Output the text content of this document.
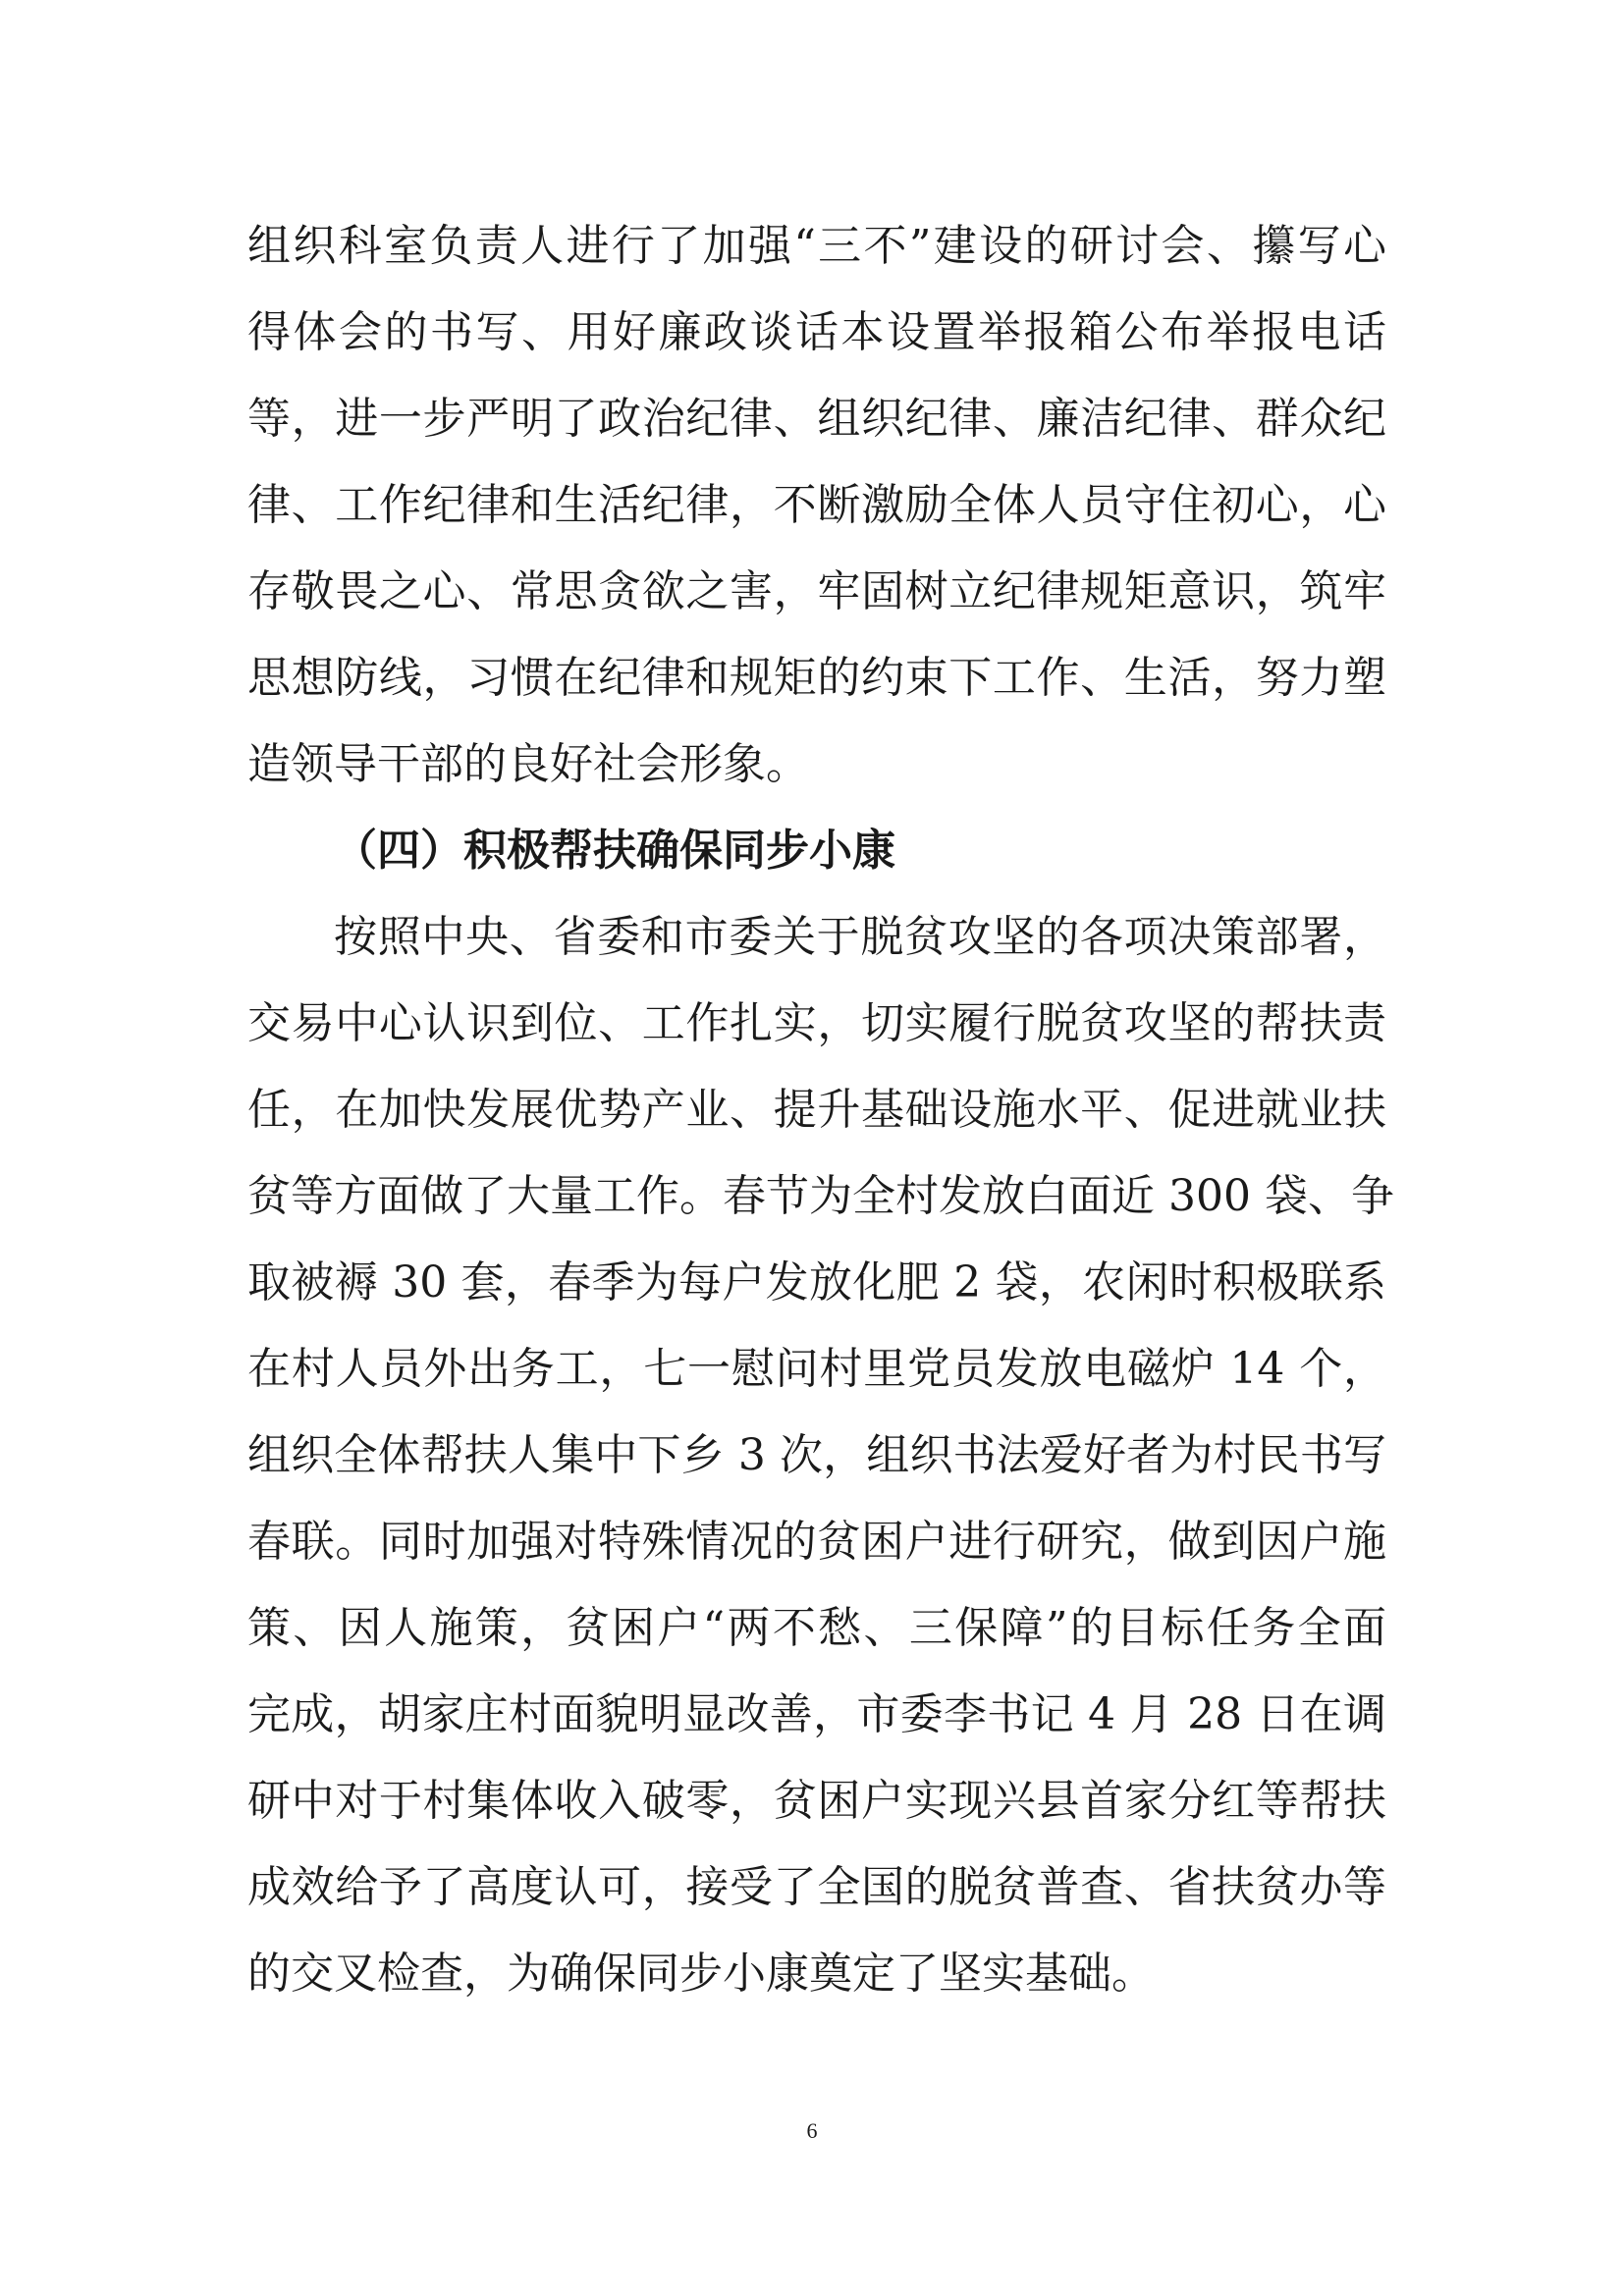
组织科室负责人进行了加强“三不”建设的研讨会、攥写心
得体会的书写、用好廉政谈话本设置举报箱公布举报电话
等，进一步严明了政治纪律、组织纪律、廉洁纪律、群众纪
律、工作纪律和生活纪律，不断激励全体人员守住初心，心
存敬畏之心、常思贪欲之害，牢固树立纪律规矩意识，筑牢
思想防线，习惯在纪律和规矩的约束下工作、生活，努力塑
造领导干部的良好社会形象。
（四）积极帮扶确保同步小康
按照中央、省委和市委关于脱贫攻坚的各项决策部署，
交易中心认识到位、工作扎实，切实履行脱贫攻坚的帮扶责
任，在加快发展优势产业、提升基础设施水平、促进就业扶
贫等方面做了大量工作。春节为全村发放白面近 300 袋、争
取被褥 30 套，春季为每户发放化肥 2 袋，农闲时积极联系
在村人员外出务工，七一慰问村里党员发放电磁炉 14 个，
组织全体帮扶人集中下乡 3 次，组织书法爱好者为村民书写
春联。同时加强对特殊情况的贫困户进行研究，做到因户施
策、因人施策，贫困户“两不愁、三保障”的目标任务全面
完成，胡家庄村面貌明显改善，市委李书记 4 月 28 日在调
研中对于村集体收入破零，贫困户实现兴县首家分红等帮扶
成效给予了高度认可，接受了全国的脱贫普查、省扶贫办等
的交叉检查，为确保同步小康奠定了坚实基础。
6
